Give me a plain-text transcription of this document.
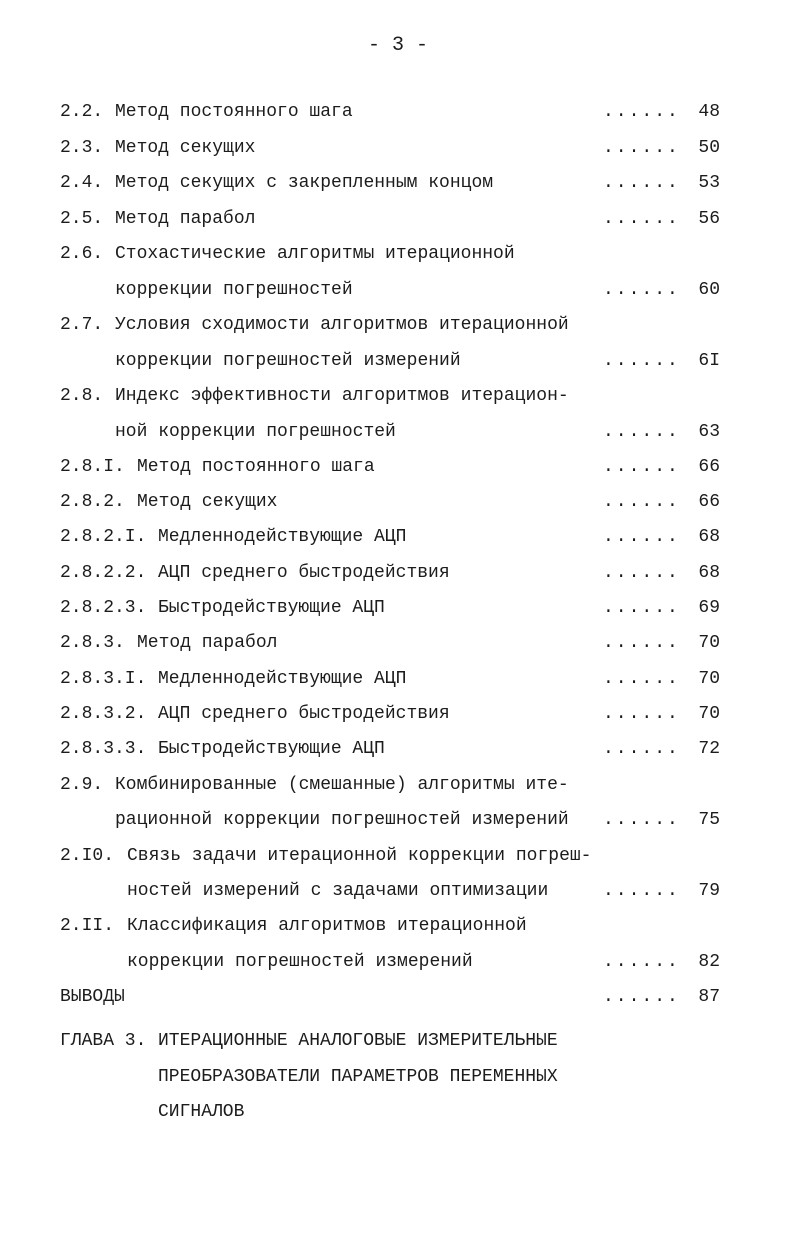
- 3 -
2.2. Метод постоянного шага	......	48
2.3. Метод секущих	......	50
2.4. Метод секущих с закрепленным концом	......	53
2.5. Метод парабол	......	56
2.6. Стохастические алгоритмы итерационной
коррекции погрешностей	......	60
2.7. Условия сходимости алгоритмов итерационной
коррекции погрешностей измерений	......	6I
2.8. Индекс эффективности алгоритмов итерацион-
ной коррекции погрешностей	......	63
2.8.I. Метод постоянного шага	......	66
2.8.2. Метод секущих	......	66
2.8.2.I. Медленнодействующие АЦП	......	68
2.8.2.2. АЦП среднего быстродействия	......	68
2.8.2.3. Быстродействующие АЦП	......	69
2.8.3. Метод парабол	......	70
2.8.3.I. Медленнодействующие АЦП	......	70
2.8.3.2. АЦП среднего быстродействия	......	70
2.8.3.3. Быстродействующие АЦП	......	72
2.9. Комбинированные (смешанные) алгоритмы ите-
рационной коррекции погрешностей измерений ......	75
2.I0. Связь задачи итерационной коррекции погреш-
ностей измерений с задачами оптимизации	......	79
2.II. Классификация алгоритмов итерационной
коррекции погрешностей измерений	......	82
ВЫВОДЫ	......	87
ГЛАВА 3. ИТЕРАЦИОННЫЕ АНАЛОГОВЫЕ ИЗМЕРИТЕЛЬНЫЕ
ПРЕОБРАЗОВАТЕЛИ ПАРАМЕТРОВ ПЕРЕМЕННЫХ
СИГНАЛОВ
